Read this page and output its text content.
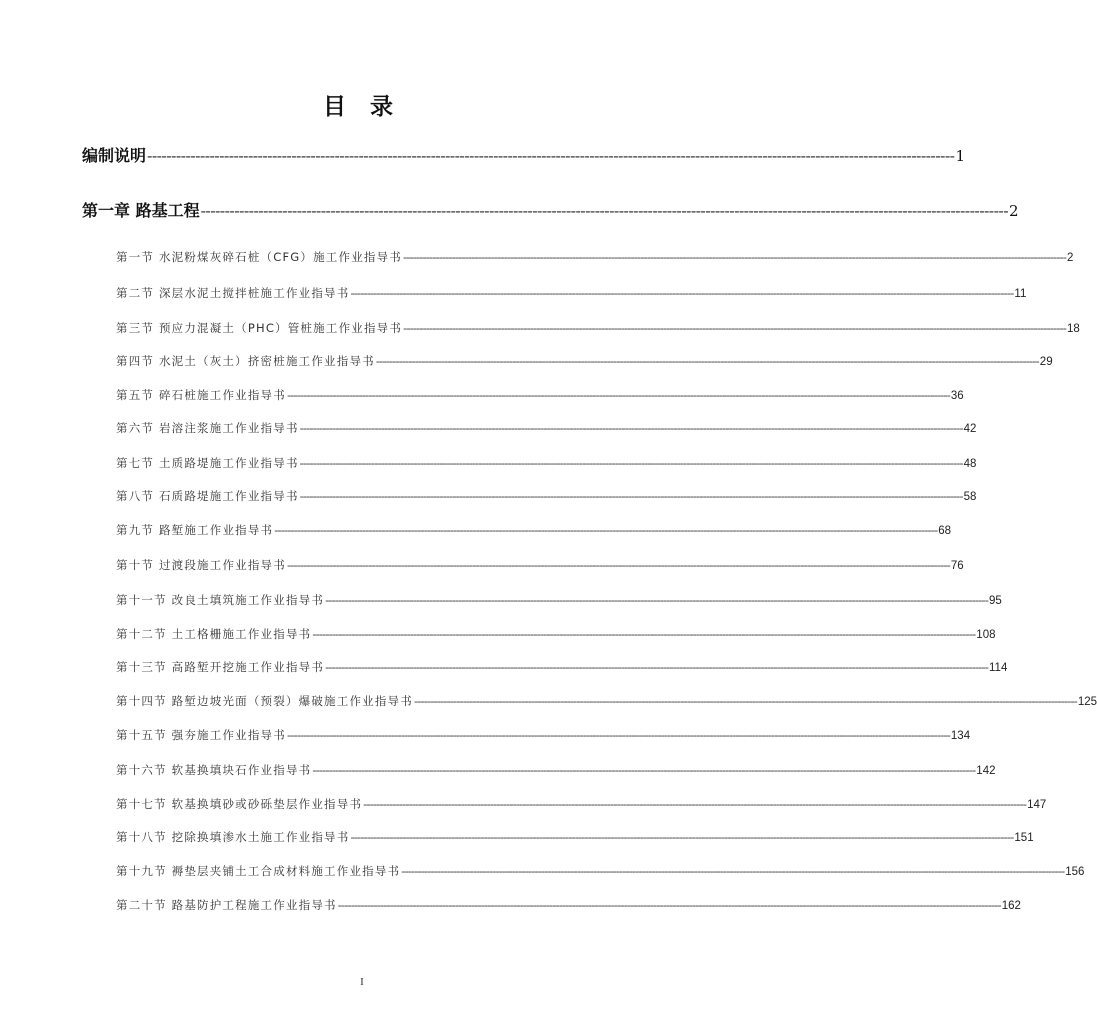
目 录
编制说明 ------------------------------------------------------------------------------------------------------------------------------------------------------------------------ 1
第一章 路基工程 ------------------------------------------------------------------------------------------------------------------------------------------------------------------------ 2
第一节 水泥粉煤灰碎石桩（CFG）施工作业指导书 ------------------------------------------------------------------------------------------------------------------------------------------------------------------------------------------------------------ 2
第二节 深层水泥土搅拌桩施工作业指导书 ------------------------------------------------------------------------------------------------------------------------------------------------------------------------------------------------------------ 11
第三节 预应力混凝土（PHC）管桩施工作业指导书 ------------------------------------------------------------------------------------------------------------------------------------------------------------------------------------------------------------ 18
第四节 水泥土（灰土）挤密桩施工作业指导书 ------------------------------------------------------------------------------------------------------------------------------------------------------------------------------------------------------------ 29
第五节 碎石桩施工作业指导书 ------------------------------------------------------------------------------------------------------------------------------------------------------------------------------------------------------------ 36
第六节 岩溶注浆施工作业指导书 ------------------------------------------------------------------------------------------------------------------------------------------------------------------------------------------------------------ 42
第七节 土质路堤施工作业指导书 ------------------------------------------------------------------------------------------------------------------------------------------------------------------------------------------------------------ 48
第八节 石质路堤施工作业指导书 ------------------------------------------------------------------------------------------------------------------------------------------------------------------------------------------------------------ 58
第九节 路堑施工作业指导书 ------------------------------------------------------------------------------------------------------------------------------------------------------------------------------------------------------------ 68
第十节 过渡段施工作业指导书 ------------------------------------------------------------------------------------------------------------------------------------------------------------------------------------------------------------ 76
第十一节 改良土填筑施工作业指导书 ------------------------------------------------------------------------------------------------------------------------------------------------------------------------------------------------------------ 95
第十二节 土工格栅施工作业指导书 ------------------------------------------------------------------------------------------------------------------------------------------------------------------------------------------------------------ 108
第十三节 高路堑开挖施工作业指导书 ------------------------------------------------------------------------------------------------------------------------------------------------------------------------------------------------------------ 114
第十四节 路堑边坡光面（预裂）爆破施工作业指导书 ------------------------------------------------------------------------------------------------------------------------------------------------------------------------------------------------------------ 125
第十五节 强夯施工作业指导书 ------------------------------------------------------------------------------------------------------------------------------------------------------------------------------------------------------------ 134
第十六节 软基换填块石作业指导书 ------------------------------------------------------------------------------------------------------------------------------------------------------------------------------------------------------------ 142
第十七节 软基换填砂或砂砾垫层作业指导书 ------------------------------------------------------------------------------------------------------------------------------------------------------------------------------------------------------------ 147
第十八节 挖除换填渗水土施工作业指导书 ------------------------------------------------------------------------------------------------------------------------------------------------------------------------------------------------------------ 151
第十九节 褥垫层夹铺土工合成材料施工作业指导书 ------------------------------------------------------------------------------------------------------------------------------------------------------------------------------------------------------------ 156
第二十节 路基防护工程施工作业指导书 ------------------------------------------------------------------------------------------------------------------------------------------------------------------------------------------------------------ 162
I
